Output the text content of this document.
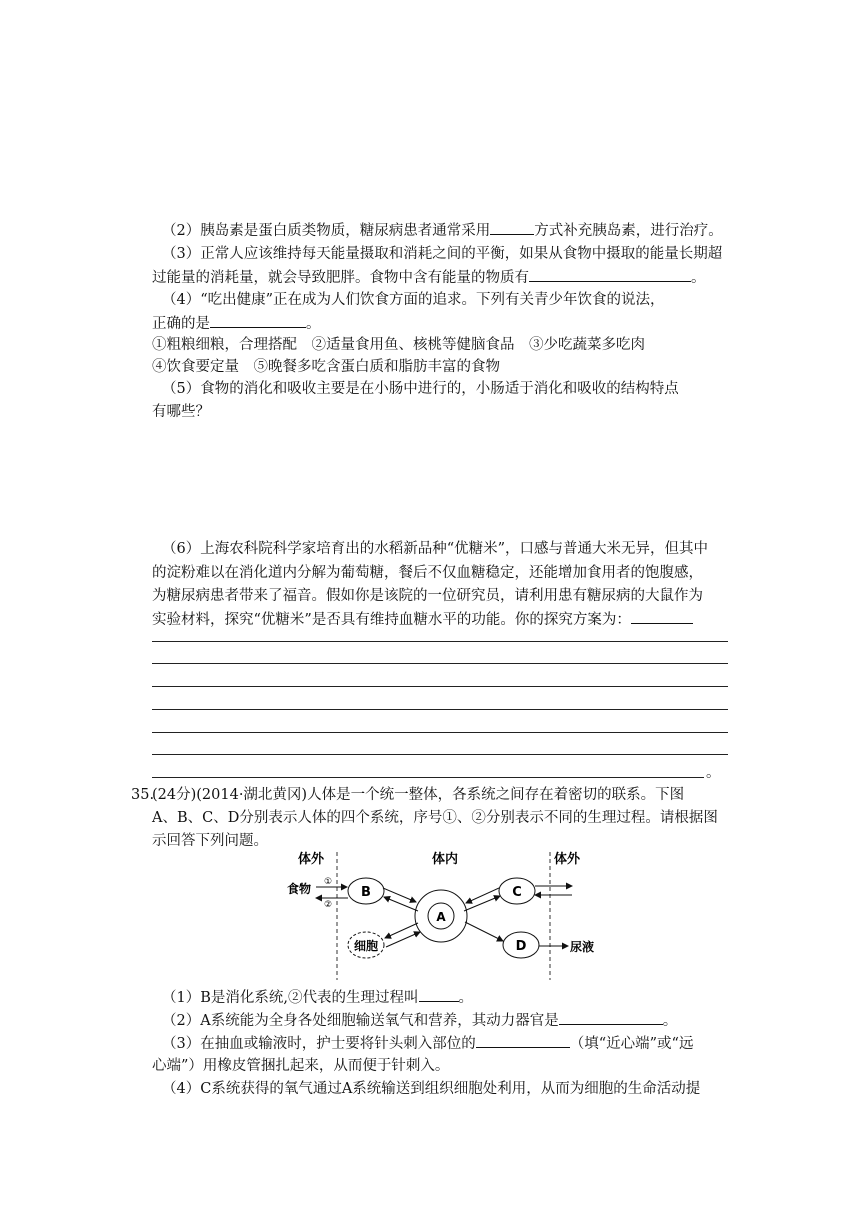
（2）胰岛素是蛋白质类物质，糖尿病患者通常采用	方式补充胰岛素，进行治疗。
（3）正常人应该维持每天能量摄取和消耗之间的平衡，如果从食物中摄取的能量长期超
过能量的消耗量，就会导致肥胖。食物中含有能量的物质有	。
（4）“吃出健康”正在成为人们饮食方面的追求。下列有关青少年饮食的说法，
正确的是	。
①粗粮细粮，合理搭配　②适量食用鱼、核桃等健脑食品　③少吃蔬菜多吃肉
④饮食要定量　⑤晚餐多吃含蛋白质和脂肪丰富的食物
（5）食物的消化和吸收主要是在小肠中进行的，小肠适于消化和吸收的结构特点
有哪些？
（6）上海农科院科学家培育出的水稻新品种“优糖米”，口感与普通大米无异，但其中
的淀粉难以在消化道内分解为葡萄糖，餐后不仅血糖稳定，还能增加食用者的饱腹感，
为糖尿病患者带来了福音。假如你是该院的一位研究员，请利用患有糖尿病的大鼠作为
实验材料，探究“优糖米”是否具有维持血糖水平的功能。你的探究方案为：
。
35.
(24分)(2014·湖北黄冈)人体是一个统一整体，各系统之间存在着密切的联系。下图
A、B、C、D分别表示人体的四个系统，序号①、②分别表示不同的生理过程。请根据图
示回答下列问题。
体外	体内	体外
B
食物 ①
②
A
C
D	尿液
细胞
（1）B是消化系统,②代表的生理过程叫	。
（2）A系统能为全身各处细胞输送氧气和营养，其动力器官是	。
（3）在抽血或输液时，护士要将针头刺入部位的	（填“近心端”或“远
心端”）用橡皮管捆扎起来，从而便于针刺入。
（4）C系统获得的氧气通过A系统输送到组织细胞处利用，从而为细胞的生命活动提
